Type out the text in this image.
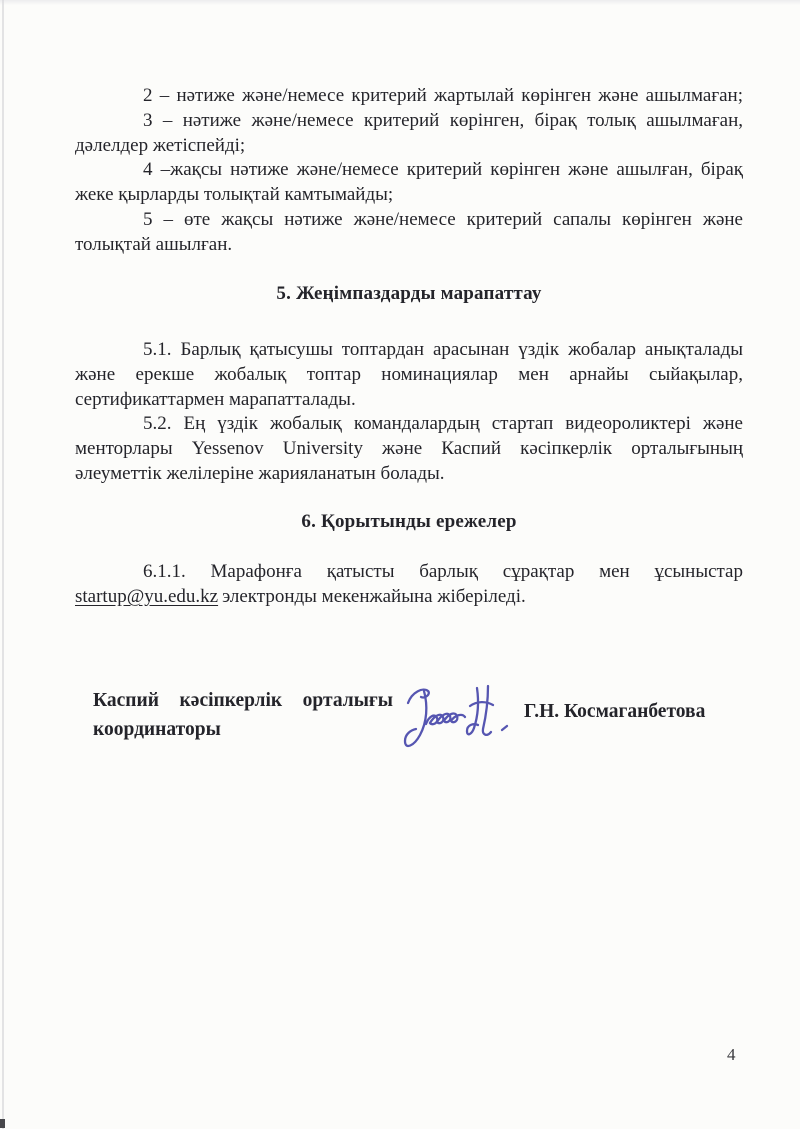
2 – нәтиже және/немесе критерий жартылай көрінген және ашылмаған;
3 – нәтиже және/немесе критерий көрінген, бірақ толық ашылмаған,
дәлелдер жетіспейді;
4 –жақсы нәтиже және/немесе критерий көрінген және ашылған, бірақ
жеке қырларды толықтай камтымайды;
5 – өте жақсы нәтиже және/немесе критерий сапалы көрінген және
толықтай ашылған.
5. Жеңімпаздарды марапаттау
5.1. Барлық қатысушы топтардан арасынан үздік жобалар анықталады
және ерекше жобалық топтар номинациялар мен арнайы сыйақылар,
сертификаттармен марапатталады.
5.2. Ең үздік жобалық командалардың стартап видеороликтері және
менторлары Yessenov University және Каспий кәсіпкерлік орталығының
әлеуметтік желілеріне жарияланатын болады.
6. Қорытынды ережелер
6.1.1. Марафонға қатысты барлық сұрақтар мен ұсыныстар
startup@yu.edu.kz электронды мекенжайына жіберіледі.
Каспий кәсіпкерлік орталығы
координаторы
Г.Н. Космаганбетова
4
